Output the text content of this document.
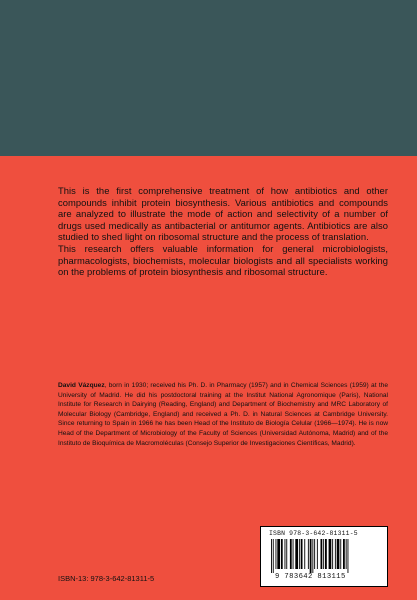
This is the first comprehensive treatment of how antibiotics and other compounds inhibit protein biosynthesis. Various antibiotics and compounds are analyzed to illustrate the mode of action and selectivity of a number of drugs used medically as antibacterial or antitumor agents. Antibiotics are also studied to shed light on ribosomal structure and the process of translation.

This research offers valuable information for general microbiologists, pharmacologists, biochemists, molecular biologists and all specialists working on the problems of protein biosynthesis and ribosomal structure.

David Vázquez, born in 1930; received his Ph. D. in Pharmacy (1957) and in Chemical Sciences (1959) at the University of Madrid. He did his postdoctoral training at the Institut National Agronomique (Paris), National Institute for Research in Dairying (Reading, England) and Department of Biochemistry and MRC Laboratory of Molecular Biology (Cambridge, England) and received a Ph. D. in Natural Sciences at Cambridge University. Since returning to Spain in 1966 he has been Head of the Instituto de Biología Celular (1966—1974). He is now Head of the Department of Microbiology of the Faculty of Sciences (Universidad Autónoma, Madrid) and of the Instituto de Bioquímica de Macromoléculas (Consejo Superior de Investigaciones Científicas, Madrid).
ISBN 978-3-642-81311-5
9 783642 813115
ISBN-13: 978-3-642-81311-5
